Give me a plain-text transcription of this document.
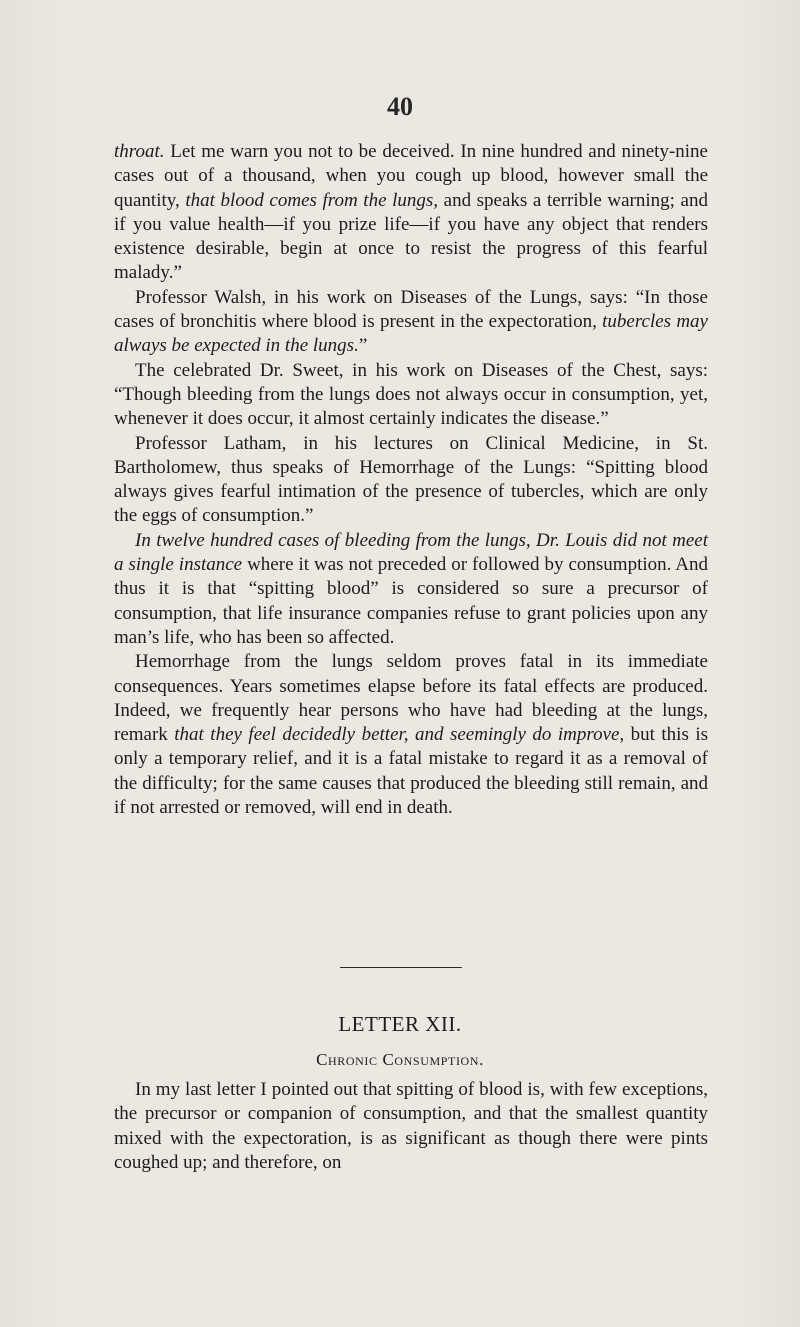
40

throat. Let me warn you not to be deceived. In nine hundred and ninety-nine cases out of a thousand, when you cough up blood, however small the quantity, that blood comes from the lungs, and speaks a terrible warning; and if you value health—if you prize life—if you have any object that renders existence desirable, begin at once to resist the progress of this fearful malady.”

Professor Walsh, in his work on Diseases of the Lungs, says: “In those cases of bronchitis where blood is present in the expectoration, tubercles may always be expected in the lungs.”

The celebrated Dr. Sweet, in his work on Diseases of the Chest, says: “Though bleeding from the lungs does not always occur in consumption, yet, whenever it does occur, it almost certainly indicates the disease.”

Professor Latham, in his lectures on Clinical Medicine, in St. Bartholomew, thus speaks of Hemorrhage of the Lungs: “Spitting blood always gives fearful intimation of the presence of tubercles, which are only the eggs of consumption.”

In twelve hundred cases of bleeding from the lungs, Dr. Louis did not meet a single instance where it was not preceded or followed by consumption. And thus it is that “spitting blood” is considered so sure a precursor of consumption, that life insurance companies refuse to grant policies upon any man’s life, who has been so affected.

Hemorrhage from the lungs seldom proves fatal in its immediate consequences. Years sometimes elapse before its fatal effects are produced. Indeed, we frequently hear persons who have had bleeding at the lungs, remark that they feel decidedly better, and seemingly do improve, but this is only a temporary relief, and it is a fatal mistake to regard it as a removal of the difficulty; for the same causes that produced the bleeding still remain, and if not arrested or removed, will end in death.

LETTER XII.
Chronic Consumption.

In my last letter I pointed out that spitting of blood is, with few exceptions, the precursor or companion of consumption, and that the smallest quantity mixed with the expectoration, is as significant as though there were pints coughed up; and therefore, on
